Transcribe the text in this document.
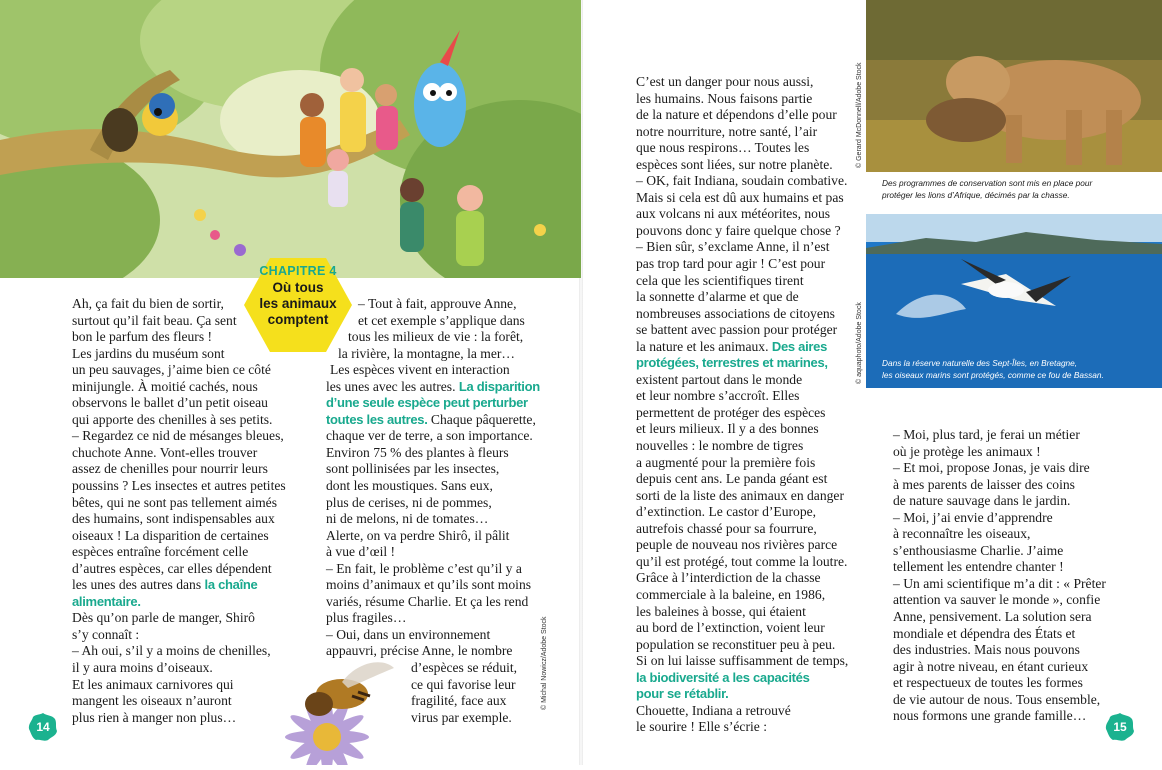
CHAPITRE 4
Où tous
les animaux
comptent
Ah, ça fait du bien de sortir,
surtout qu’il fait beau. Ça sent
bon le parfum des fleurs !
Les jardins du muséum sont
un peu sauvages, j’aime bien ce côté
minijungle. À moitié cachés, nous
observons le ballet d’un petit oiseau
qui apporte des chenilles à ses petits.
– Regardez ce nid de mésanges bleues,
chuchote Anne. Vont-elles trouver
assez de chenilles pour nourrir leurs
poussins ? Les insectes et autres petites
bêtes, qui ne sont pas tellement aimés
des humains, sont indispensables aux
oiseaux ! La disparition de certaines
espèces entraîne forcément celle
d’autres espèces, car elles dépendent
les unes des autres dans la chaîne
alimentaire.
Dès qu’on parle de manger, Shirô
s’y connaît :
– Ah oui, s’il y a moins de chenilles,
il y aura moins d’oiseaux.
Et les animaux carnivores qui
mangent les oiseaux n’auront
plus rien à manger non plus…
– Tout à fait, approuve Anne,
et cet exemple s’applique dans
tous les milieux de vie : la forêt,
la rivière, la montagne, la mer…
Les espèces vivent en interaction
les unes avec les autres. La disparition
d’une seule espèce peut perturber
toutes les autres. Chaque pâquerette,
chaque ver de terre, a son importance.
Environ 75 % des plantes à fleurs
sont pollinisées par les insectes,
dont les moustiques. Sans eux,
plus de cerises, ni de pommes,
ni de melons, ni de tomates…
Alerte, on va perdre Shirô, il pâlit
à vue d’œil !
– En fait, le problème c’est qu’il y a
moins d’animaux et qu’ils sont moins
variés, résume Charlie. Et ça les rend
plus fragiles…
– Oui, dans un environnement
appauvri, précise Anne, le nombre
d’espèces se réduit,
ce qui favorise leur
fragilité, face aux
virus par exemple.
© Michal Nowicz/Adobe Stock
© Gerard McDonnell/Adobe Stock
Des programmes de conservation sont mis en place pour
protéger les lions d’Afrique, décimés par la chasse.
© aquaphoto/Adobe Stock Dans la réserve naturelle des Sept-Îles, en Bretagne,
les oiseaux marins sont protégés, comme ce fou de Bassan.
C’est un danger pour nous aussi,
les humains. Nous faisons partie
de la nature et dépendons d’elle pour
notre nourriture, notre santé, l’air
que nous respirons… Toutes les
espèces sont liées, sur notre planète.
– OK, fait Indiana, soudain combative.
Mais si cela est dû aux humains et pas
aux volcans ni aux météorites, nous
pouvons donc y faire quelque chose ?
– Bien sûr, s’exclame Anne, il n’est
pas trop tard pour agir ! C’est pour
cela que les scientifiques tirent
la sonnette d’alarme et que de
nombreuses associations de citoyens
se battent avec passion pour protéger
la nature et les animaux. Des aires
protégées, terrestres et marines,
existent partout dans le monde
et leur nombre s’accroît. Elles
permettent de protéger des espèces
et leurs milieux. Il y a des bonnes
nouvelles : le nombre de tigres
a augmenté pour la première fois
depuis cent ans. Le panda géant est
sorti de la liste des animaux en danger
d’extinction. Le castor d’Europe,
autrefois chassé pour sa fourrure,
peuple de nouveau nos rivières parce
qu’il est protégé, tout comme la loutre.
Grâce à l’interdiction de la chasse
commerciale à la baleine, en 1986,
les baleines à bosse, qui étaient
au bord de l’extinction, voient leur
population se reconstituer peu à peu.
Si on lui laisse suffisamment de temps,
la biodiversité a les capacités
pour se rétablir.
Chouette, Indiana a retrouvé
le sourire ! Elle s’écrie :
– Moi, plus tard, je ferai un métier
où je protège les animaux !
– Et moi, propose Jonas, je vais dire
à mes parents de laisser des coins
de nature sauvage dans le jardin.
– Moi, j’ai envie d’apprendre
à reconnaître les oiseaux,
s’enthousiasme Charlie. J’aime
tellement les entendre chanter !
– Un ami scientifique m’a dit : « Prêter
attention va sauver le monde », confie
Anne, pensivement. La solution sera
mondiale et dépendra des États et
des industries. Mais nous pouvons
agir à notre niveau, en étant curieux
et respectueux de toutes les formes
de vie autour de nous. Tous ensemble,
nous formons une grande famille…
14	15
